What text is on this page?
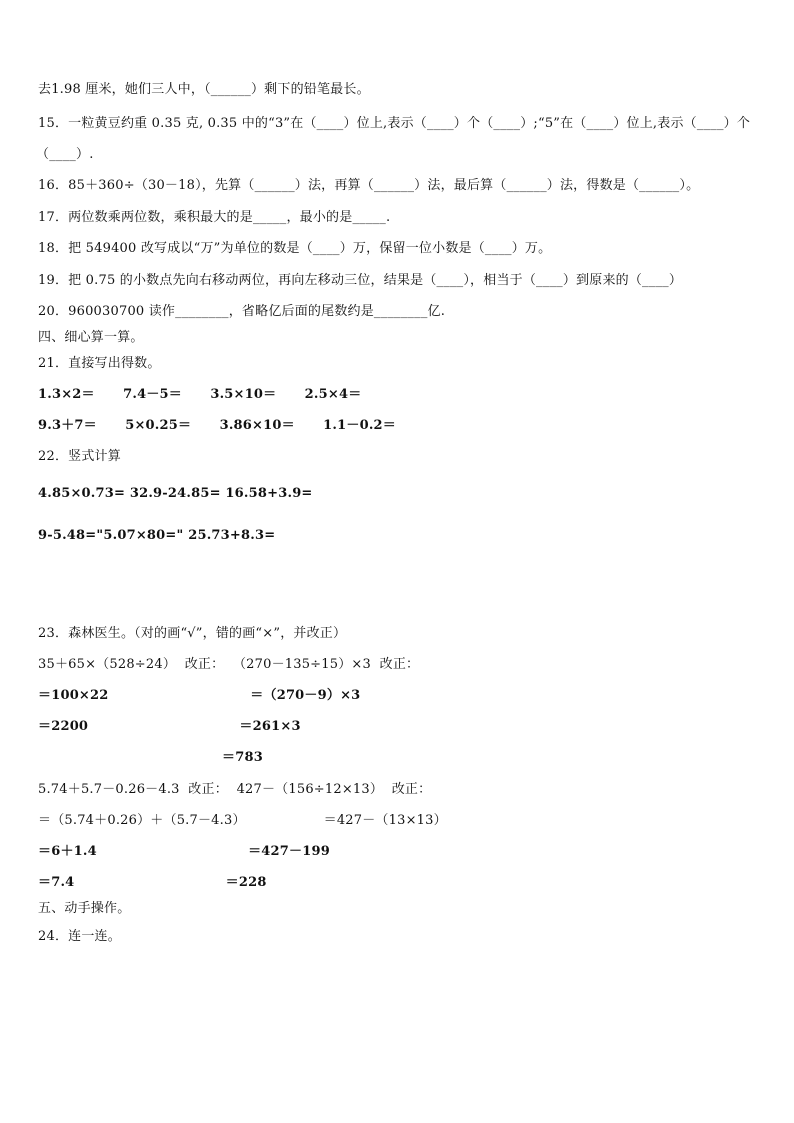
去1.98 厘米，她们三人中，（______）剩下的铅笔最长。
15．一粒黄豆约重 0.35 克, 0.35 中的“3”在（____）位上,表示（____）个（____）;“5”在（____）位上,表示（____）个
（____）.
16．85＋360÷（30－18），先算（______）法，再算（______）法，最后算（______）法，得数是（______）。
17．两位数乘两位数，乘积最大的是_____，最小的是_____.
18．把 549400 改写成以“万”为单位的数是（____）万，保留一位小数是（____）万。
19．把 0.75 的小数点先向右移动两位，再向左移动三位，结果是（____），相当于（____）到原来的（____）
20．960030700 读作________，省略亿后面的尾数约是________亿.
四、细心算一算。
21．直接写出得数。
1.3×2＝      7.4－5＝      3.5×10＝      2.5×4＝
9.3＋7＝      5×0.25＝      3.86×10＝      1.1－0.2＝
22．竖式计算
4.85×0.73= 32.9-24.85= 16.58+3.9=
9-5.48="5.07×80=" 25.73+8.3=
23．森林医生。（对的画“√”，错的画“×”，并改正）
35＋65×（528÷24）  改正：  （270－135÷15）×3  改正：
＝100×22                              ＝（270－9）×3
＝2200                                ＝261×3
＝783
5.74＋5.7－0.26－4.3  改正：  427－（156÷12×13）  改正：
＝（5.74＋0.26）＋（5.7－4.3）                  ＝427－（13×13）
＝6＋1.4                                ＝427－199
＝7.4                                ＝228
五、动手操作。
24．连一连。
